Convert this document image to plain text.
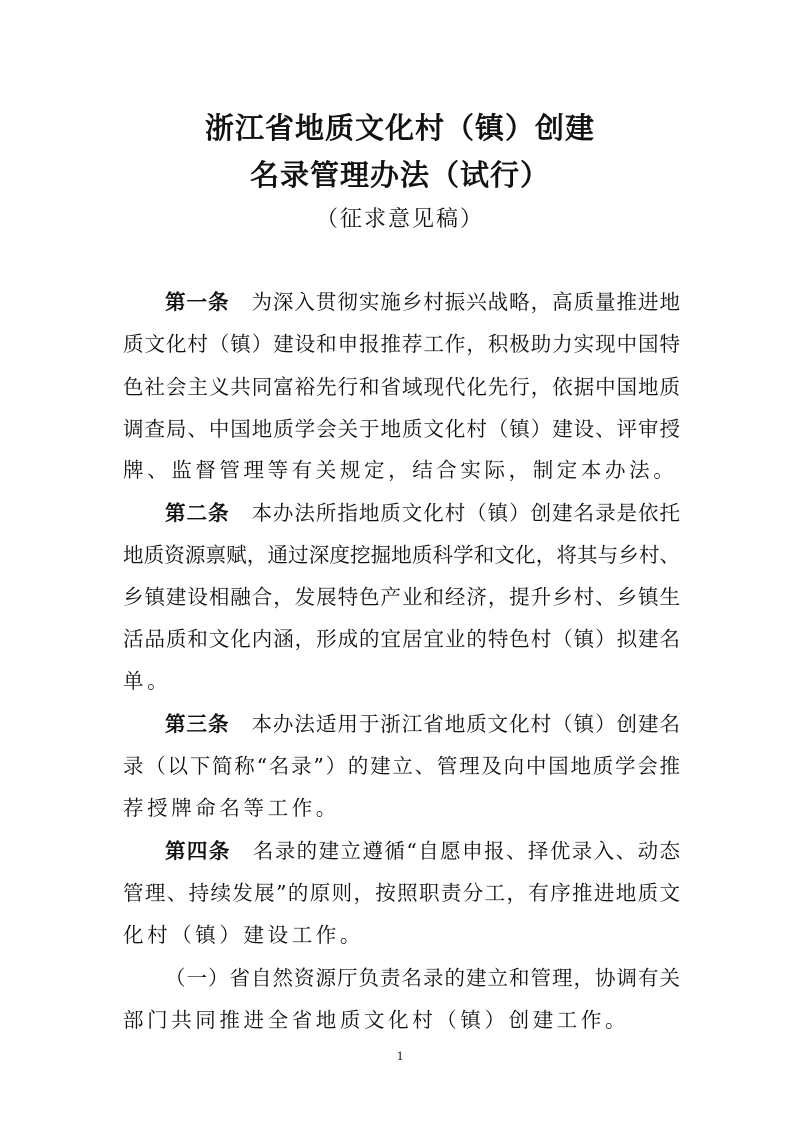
浙江省地质文化村（镇）创建
名录管理办法（试行）
（征求意见稿）
第一条 为深入贯彻实施乡村振兴战略，高质量推进地
质文化村（镇）建设和申报推荐工作，积极助力实现中国特
色社会主义共同富裕先行和省域现代化先行，依据中国地质
调查局、中国地质学会关于地质文化村（镇）建设、评审授
牌、监督管理等有关规定，结合实际，制定本办法。
第二条 本办法所指地质文化村（镇）创建名录是依托
地质资源禀赋，通过深度挖掘地质科学和文化，将其与乡村、
乡镇建设相融合，发展特色产业和经济，提升乡村、乡镇生
活品质和文化内涵，形成的宜居宜业的特色村（镇）拟建名
单。
第三条 本办法适用于浙江省地质文化村（镇）创建名
录（以下简称“名录”）的建立、管理及向中国地质学会推
荐授牌命名等工作。
第四条 名录的建立遵循“自愿申报、择优录入、动态
管理、持续发展”的原则，按照职责分工，有序推进地质文
化村（镇）建设工作。
（一）省自然资源厅负责名录的建立和管理，协调有关
部门共同推进全省地质文化村（镇）创建工作。
1
